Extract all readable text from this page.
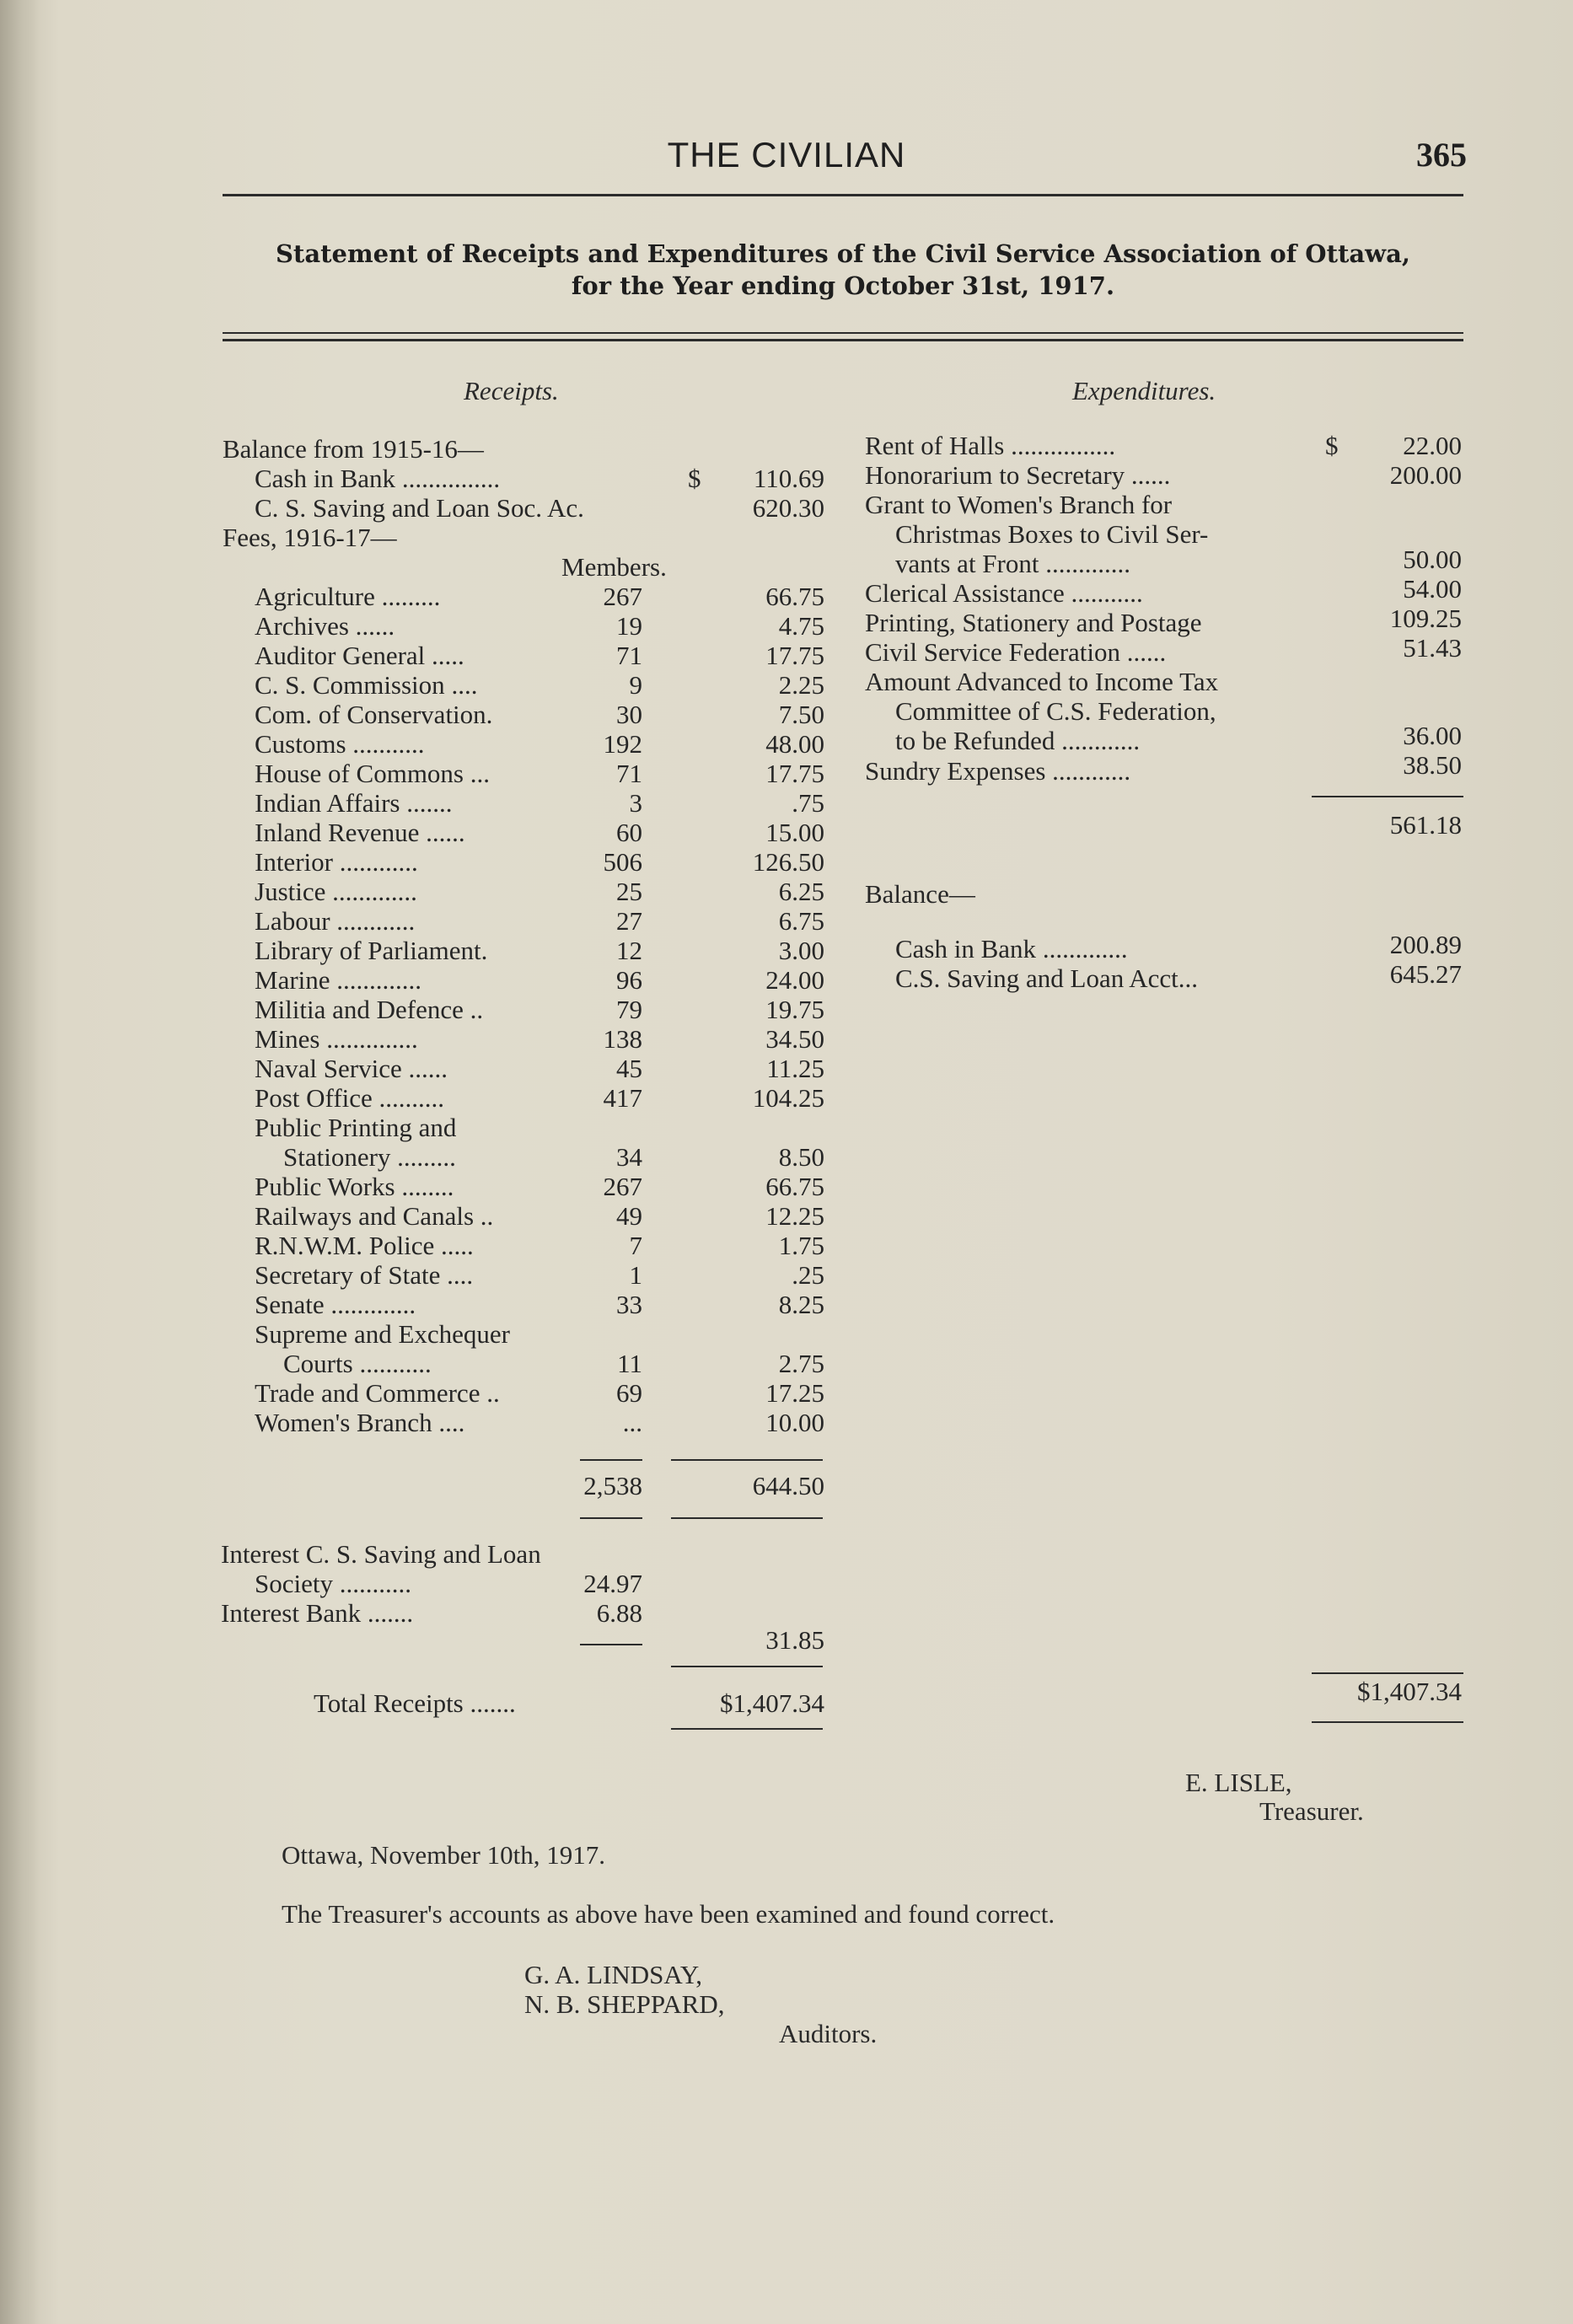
THE CIVILIAN	365
Statement of Receipts and Expenditures of the Civil Service Association of Ottawa,
for the Year ending October 31st, 1917.
Receipts.	Expenditures.
Balance from 1915-16—
Cash in Bank ...............	$	110.69
C. S. Saving and Loan Soc. Ac.	620.30
Fees, 1916-17—
Members.
Agriculture .........	267	66.75
Archives ......	19	4.75
Auditor General .....	71	17.75
C. S. Commission ....	9	2.25
Com. of Conservation.	30	7.50
Customs ...........	192	48.00
House of Commons ...	71	17.75
Indian Affairs .......	3	.75
Inland Revenue ......	60	15.00
Interior ............	506	126.50
Justice .............	25	6.25
Labour ............	27	6.75
Library of Parliament.	12	3.00
Marine .............	96	24.00
Militia and Defence ..	79	19.75
Mines ..............	138	34.50
Naval Service ......	45	11.25
Post Office ..........	417	104.25
Public Printing and
Stationery .........	34	8.50
Public Works ........	267	66.75
Railways and Canals ..	49	12.25
R.N.W.M. Police .....	7	1.75
Secretary of State ....	1	.25
Senate .............	33	8.25
Supreme and Exchequer
Courts ...........	11	2.75
Trade and Commerce ..	69	17.25
Women's Branch ....	...	10.00
2,538	644.50
Interest C. S. Saving and Loan
Society ...........	24.97
Interest Bank .......	6.88
31.85
Total Receipts .......	$1,407.34
Rent of Halls ................	$	22.00
Honorarium to Secretary ......	200.00
Grant to Women's Branch for
Christmas Boxes to Civil Ser-
vants at Front .............	50.00
Clerical Assistance ...........	54.00
Printing, Stationery and Postage	109.25
Civil Service Federation ......	51.43
Amount Advanced to Income Tax
Committee of C.S. Federation,
to be Refunded ............	36.00
Sundry Expenses ............	38.50
561.18
Balance—
Cash in Bank .............	200.89
C.S. Saving and Loan Acct...	645.27
$1,407.34
E. LISLE,
Treasurer.
Ottawa, November 10th, 1917.
The Treasurer's accounts as above have been examined and found correct.
G. A. LINDSAY,
N. B. SHEPPARD,
Auditors.
